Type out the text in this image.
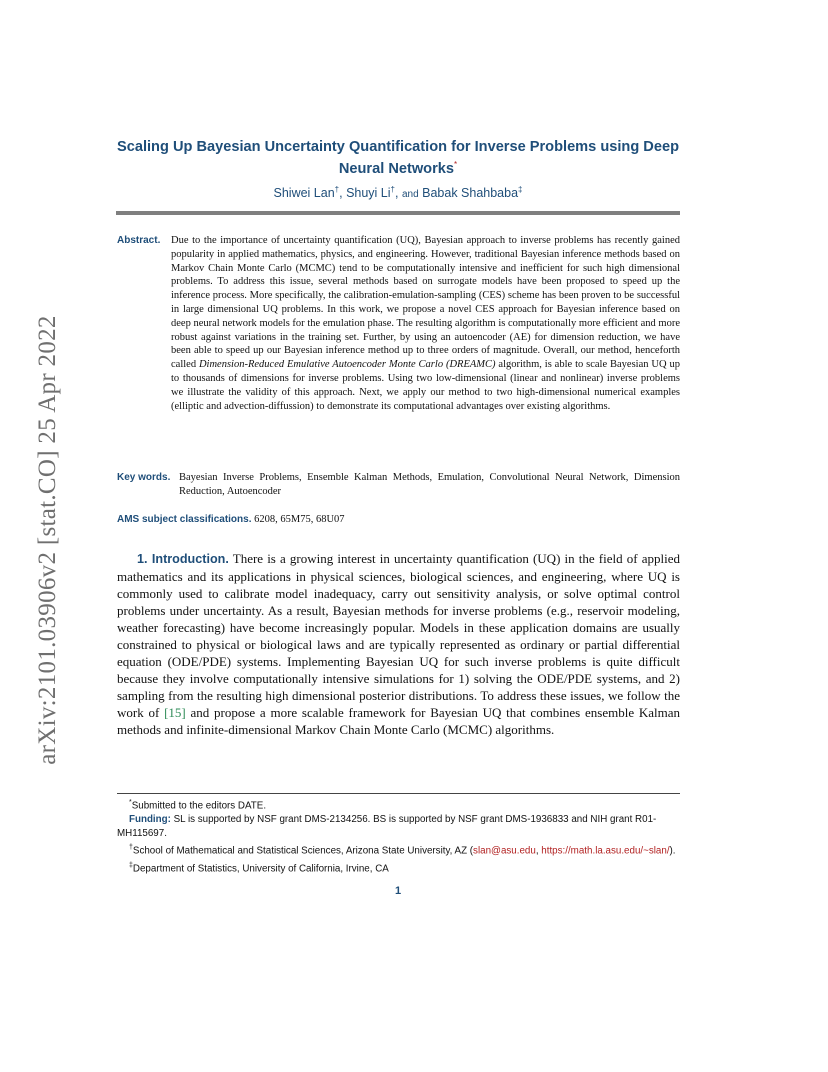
arXiv:2101.03906v2 [stat.CO] 25 Apr 2022
Scaling Up Bayesian Uncertainty Quantification for Inverse Problems using Deep Neural Networks*
Shiwei Lan†, Shuyi Li†, and Babak Shahbaba‡
Abstract.	Due to the importance of uncertainty quantification (UQ), Bayesian approach to inverse problems has recently gained popularity in applied mathematics, physics, and engineering. However, traditional Bayesian inference methods based on Markov Chain Monte Carlo (MCMC) tend to be computationally intensive and inefficient for such high dimensional problems. To address this issue, several methods based on surrogate models have been proposed to speed up the inference process. More specifically, the calibration-emulation-sampling (CES) scheme has been proven to be successful in large dimensional UQ problems. In this work, we propose a novel CES approach for Bayesian inference based on deep neural network models for the emulation phase. The resulting algorithm is computationally more efficient and more robust against variations in the training set. Further, by using an autoencoder (AE) for dimension reduction, we have been able to speed up our Bayesian inference method up to three orders of magnitude. Overall, our method, henceforth called Dimension-Reduced Emulative Autoencoder Monte Carlo (DREAMC) algorithm, is able to scale Bayesian UQ up to thousands of dimensions for inverse problems. Using two low-dimensional (linear and nonlinear) inverse problems we illustrate the validity of this approach. Next, we apply our method to two high-dimensional numerical examples (elliptic and advection-diffussion) to demonstrate its computational advantages over existing algorithms.
Key words. Bayesian Inverse Problems, Ensemble Kalman Methods, Emulation, Convolutional Neural Network, Dimension Reduction, Autoencoder
AMS subject classifications. 6208, 65M75, 68U07
1. Introduction. There is a growing interest in uncertainty quantification (UQ) in the field of applied mathematics and its applications in physical sciences, biological sciences, and engineering, where UQ is commonly used to calibrate model inadequacy, carry out sensitivity analysis, or solve optimal control problems under uncertainty. As a result, Bayesian methods for inverse problems (e.g., reservoir modeling, weather forecasting) have become increasingly popular. Models in these application domains are usually constrained to physical or biological laws and are typically represented as ordinary or partial differential equation (ODE/PDE) systems. Implementing Bayesian UQ for such inverse problems is quite difficult because they involve computationally intensive simulations for 1) solving the ODE/PDE systems, and 2) sampling from the resulting high dimensional posterior distributions. To address these issues, we follow the work of [15] and propose a more scalable framework for Bayesian UQ that combines ensemble Kalman methods and infinite-dimensional Markov Chain Monte Carlo (MCMC) algorithms.

*Submitted to the editors DATE.

Funding: SL is supported by NSF grant DMS-2134256. BS is supported by NSF grant DMS-1936833 and NIH grant R01-MH115697.

†School of Mathematical and Statistical Sciences, Arizona State University, AZ (slan@asu.edu, https://math.la.asu.edu/~slan/).

‡Department of Statistics, University of California, Irvine, CA

1
